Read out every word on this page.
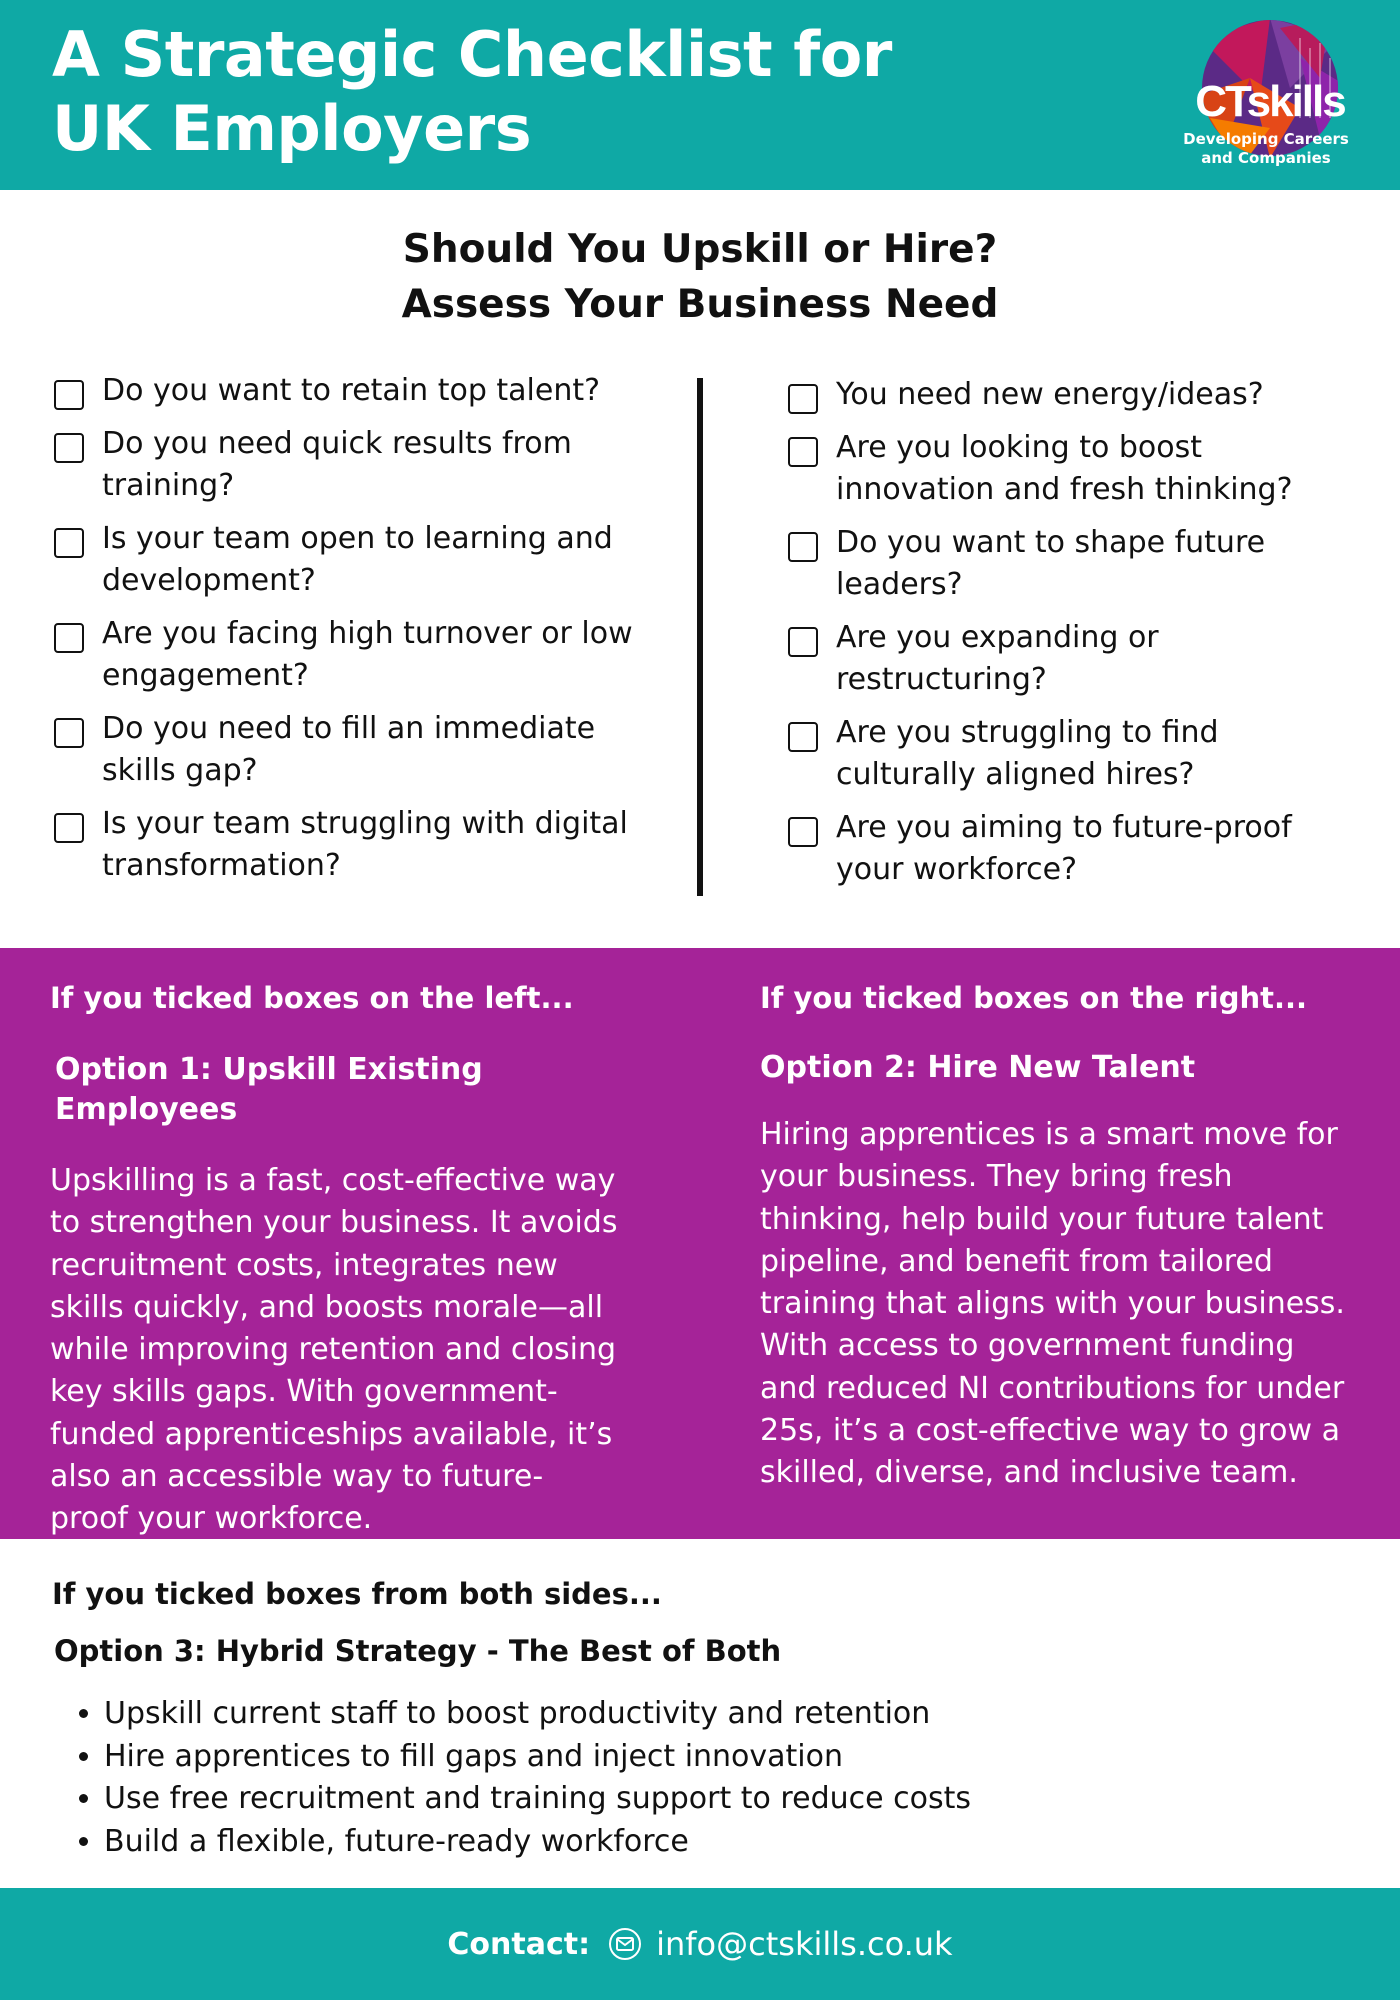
A Strategic Checklist for
UK Employers	CTskills
Developing Careers
and Companies
Should You Upskill or Hire?
Assess Your Business Need
Do you want to retain top talent?
Do you need quick results from training?
Is your team open to learning and development?
Are you facing high turnover or low engagement?
Do you need to fill an immediate skills gap?
Is your team struggling with digital transformation?
You need new energy/ideas?
Are you looking to boost innovation and fresh thinking?
Do you want to shape future leaders?
Are you expanding or restructuring?
Are you struggling to find culturally aligned hires?
Are you aiming to future-proof your workforce?
If you ticked boxes on the left...
Option 1: Upskill Existing Employees
Upskilling is a fast, cost-effective way
to strengthen your business. It avoids
recruitment costs, integrates new
skills quickly, and boosts morale—all
while improving retention and closing
key skills gaps. With government-
funded apprenticeships available, it’s
also an accessible way to future-
proof your workforce.
If you ticked boxes on the right...
Option 2: Hire New Talent
Hiring apprentices is a smart move for
your business. They bring fresh
thinking, help build your future talent
pipeline, and benefit from tailored
training that aligns with your business.
With access to government funding
and reduced NI contributions for under
25s, it’s a cost-effective way to grow a
skilled, diverse, and inclusive team.
If you ticked boxes from both sides...
Option 3: Hybrid Strategy - The Best of Both
• Upskill current staff to boost productivity and retention
• Hire apprentices to fill gaps and inject innovation
• Use free recruitment and training support to reduce costs
• Build a flexible, future-ready workforce
Contact: info@ctskills.co.uk
